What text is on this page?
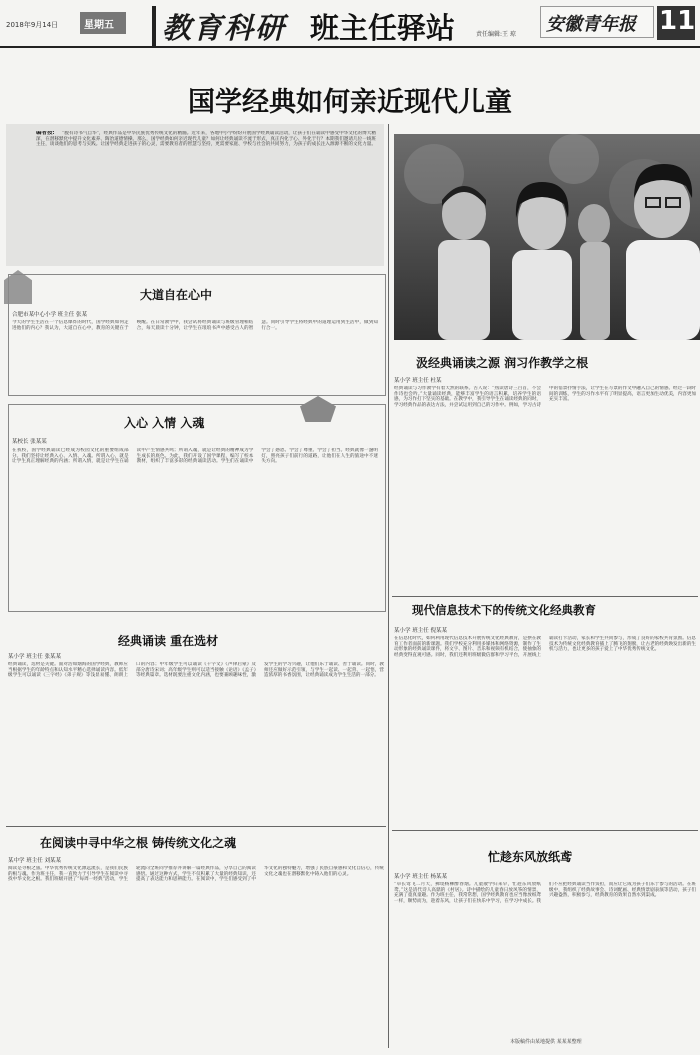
2018年9月14日	星期五 教育科研 班主任驿站	责任编辑:王 琼 安徽青年报 11
国学经典如何亲近现代儿童
编者按:	“腹有诗书气自华”，经典作品是中华民族优秀传统文化的精髓。近年来，各地中小学纷纷开展国学经典诵读活动，让孩子们在诵读中感受中华文化的博大精深，在潜移默化中提升文化素养、陶冶道德情操。那么，国学经典如何亲近现代儿童？如何让经典诵读不流于形式，真正内化于心、外化于行？本期我们邀请几位一线班主任，谈谈他们的思考与实践。让国学经典走进孩子的心灵，需要教育者的智慧与坚持，更需要家庭、学校与社会的共同努力，为孩子的成长注入源源不断的文化力量。
大道自在心中
合肥市某中心小学 班主任 张某
今天的学生生活在一个信息爆炸的时代，国学经典如何走进他们的内心？我认为，大道自在心中，教育的关键在于唤醒。在日常教学中，我尝试将经典诵读与班级管理相结合，每天晨读十分钟，让学生在琅琅书声中感受古人的智慧。同时引导学生将经典中的道理运用到生活中，做到知行合一。
入心 入情 入魂
某校长 张某某
在我校，国学经典诵读已经成为校园文化的重要组成部分。我们坚持让经典入心、入情、入魂。所谓入心，就是让学生真正理解经典的内涵；所谓入情，就是让学生在诵读中产生情感共鸣；所谓入魂，就是让经典的精神成为学生成长的底色。为此，我们开设了国学课程，编写了校本教材，组织了丰富多彩的经典诵读活动。学生们在诵读中学会了感恩、学会了尊重、学会了担当。经典就像一盏明灯，照亮孩子们前行的道路，让他们在人生的旅途中不迷失方向。
经典诵读 重在选材
某小学 班主任 张某某
经典诵读，选材是关键。面对浩如烟海的国学经典，教师应当根据学生的年龄特点和认知水平精心选择诵读内容。低年级学生可以诵读《三字经》《弟子规》等浅显易懂、朗朗上口的内容；中年级学生可以诵读《千字文》《声律启蒙》及部分唐诗宋词；高年级学生则可以适当接触《论语》《孟子》等经典篇章。选材既要注重文化内涵，也要兼顾趣味性，激发学生的学习兴趣，让他们乐于诵读、善于诵读。同时，教师还应做好示范引领，与学生一起读、一起背、一起悟，营造浓厚的书香氛围，让经典诵读成为学生生活的一部分。
在阅读中寻中华之根 铸传统文化之魂
某中学 班主任 刘某某
阅读是寻根之旅。中华优秀传统文化源远流长，是我们民族的根与魂。作为班主任，我一直致力于引导学生在阅读中寻找中华文化之根。我们班级开展了“每周一经典”活动，学生轮流向全班同学推荐并讲解一篇经典作品，分享自己的阅读感悟。通过这种方式，学生不仅积累了大量的经典知识，还提高了表达能力和思辨能力。在阅读中，学生们感受到了中华文化的独特魅力，增强了民族自豪感和文化自信心，传统文化之魂也在潜移默化中铸入他们的心灵。
汲经典诵读之源 润习作教学之根
某小学 班主任 杜某
经典诵读与习作教学有着天然的联系。古人说：“熟读唐诗三百首，不会作诗也会吟。”大量诵读经典，能够丰富学生的语言积累，培养学生的语感，为习作打下坚实的基础。在教学中，我引导学生在诵读经典的同时，学习经典作品的表达方法，并尝试运用到自己的习作中。例如，学习古诗中的借景抒情手法，让学生在写景的作文中融入自己的情感。经过一段时间的训练，学生的习作水平有了明显提高，语言更加生动优美，内容更加充实丰富。
现代信息技术下的传统文化经典教育
某小学 班主任 倪某某
在信息化时代，如何利用现代信息技术开展传统文化经典教育，是摆在教育工作者面前的新课题。我们学校充分利用多媒体和网络资源，制作了生动形象的经典诵读课件，将文字、图片、音乐和视频有机结合，使抽象的经典变得直观可感。同时，我们还利用班级微信群和学习平台，开展线上诵读打卡活动，家长和学生共同参与，形成了良好的家校共育氛围。信息技术为传统文化经典教育插上了腾飞的翅膀，让古老的经典焕发出新的生机与活力，也让更多的孩子爱上了中华优秀传统文化。
忙趁东风放纸鸢
某小学 班主任 杨某某
“草长莺飞二月天，拂堤杨柳醉春烟。儿童散学归来早，忙趁东风放纸鸢。”这是清代诗人高鼎的《村居》。诗中描绘的儿童春日放风筝的情景，充满了童真童趣。作为班主任，我常常想，国学经典教育也应当像放纸鸢一样，顺势而为，趁着东风，让孩子们在快乐中学习，在学习中成长。我们不应把经典诵读当作负担，而应让它成为孩子们乐于参与的活动。在班级中，我组织了经典故事会、诗词配画、经典情景剧表演等活动，孩子们兴趣盎然，积极参与，经典教育的效果自然水到渠成。
本版稿件由某地提供 某某某整理
